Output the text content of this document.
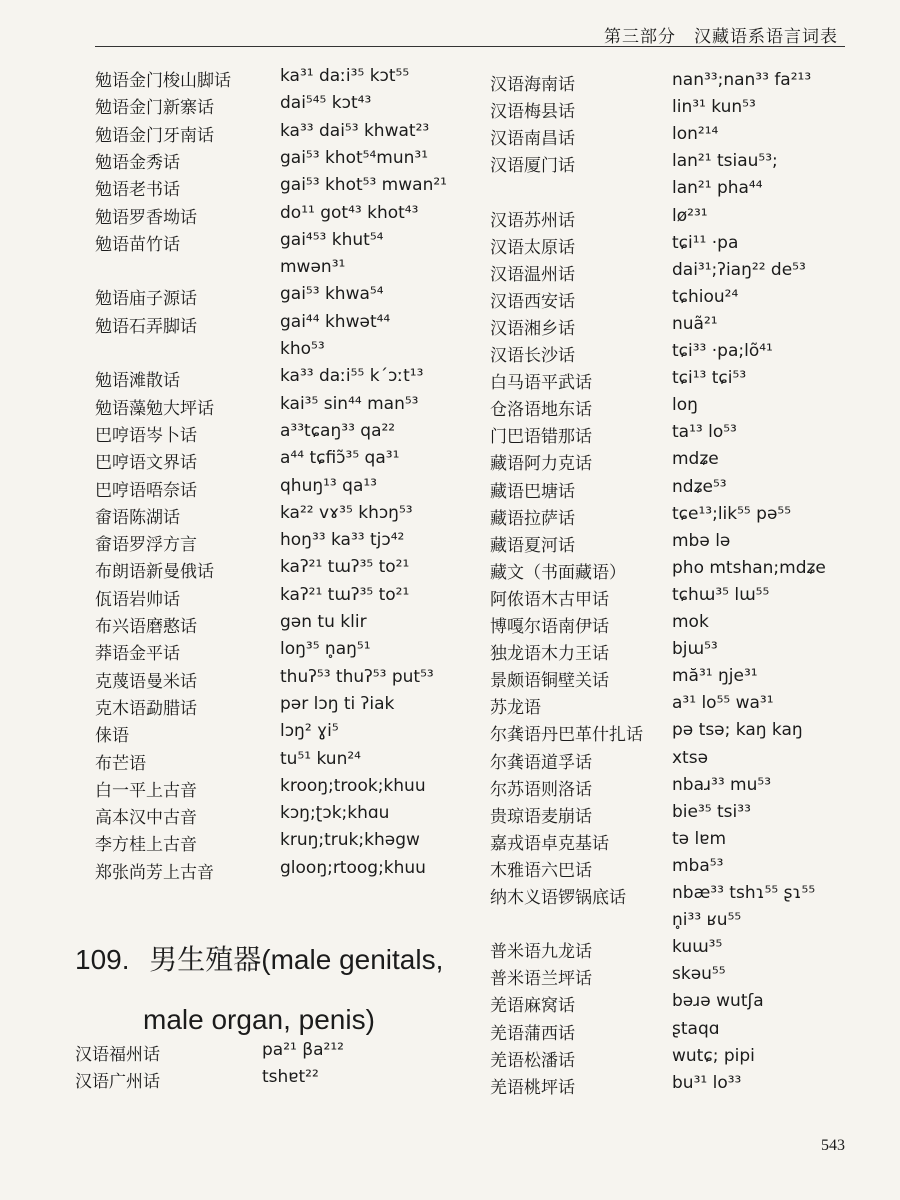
第三部分　汉藏语系语言词表
勉语金门梭山脚话	ka³¹ daːi³⁵ kɔt⁵⁵
勉语金门新寨话	dai⁵⁴⁵ kɔt⁴³
勉语金门牙南话	ka³³ dai⁵³ khwat²³
勉语金秀话	gai⁵³ khot⁵⁴mun³¹
勉语老书话	gai⁵³ khot⁵³ mwan²¹
勉语罗香坳话	do¹¹ got⁴³ khot⁴³
勉语苗竹话	gai⁴⁵³ khut⁵⁴
mwən³¹
勉语庙子源话	gai⁵³ khwa⁵⁴
勉语石弄脚话	gai⁴⁴ khwət⁴⁴
kho⁵³
勉语滩散话	ka³³ daːi⁵⁵ kˊɔːt¹³
勉语藻勉大坪话	kai³⁵ sin⁴⁴ man⁵³
巴哼语岑卜话	a³³tɕaŋ³³ qa²²
巴哼语文界话	a⁴⁴ tɕfiɔ̃³⁵ qa³¹
巴哼语唔奈话	qhuŋ¹³ qa¹³
畲语陈湖话	ka²² vɤ³⁵ khɔŋ⁵³
畲语罗浮方言	hoŋ³³ ka³³ tjɔ⁴²
布朗语新曼俄话	kaʔ²¹ tɯʔ³⁵ to²¹
佤语岩帅话	kaʔ²¹ tɯʔ³⁵ to²¹
布兴语磨憨话	gən tu klir
莽语金平话	loŋ³⁵ n̥aŋ⁵¹
克蔑语曼米话	thuʔ⁵³ thuʔ⁵³ put⁵³
克木语勐腊话	pər lɔŋ ti ʔiak
俫语	lɔŋ² ɣi⁵
布芒语	tu⁵¹ kun²⁴
白一平上古音	krooŋ;trook;khuu
高本汉中古音	kɔŋ;ʈɔk;khɑu
李方桂上古音	kruŋ;truk;khəgw
郑张尚芳上古音	glooŋ;rtoog;khuu
109. 男生殖器(male genitals,
male organ, penis)
汉语福州话	pa²¹ βa²¹²
汉语广州话	tshɐt²²
汉语海南话	nan³³;nan³³ fa²¹³
汉语梅县话	lin³¹ kun⁵³
汉语南昌话	lon²¹⁴
汉语厦门话	lan²¹ tsiau⁵³;
lan²¹ pha⁴⁴
汉语苏州话	lø²³¹
汉语太原话	tɕi¹¹ ·pa
汉语温州话	dai³¹;ʔiaŋ²² de⁵³
汉语西安话	tɕhiou²⁴
汉语湘乡话	nuã²¹
汉语长沙话	tɕi³³ ·pa;lõ⁴¹
白马语平武话	tɕi¹³ tɕi⁵³
仓洛语地东话	loŋ
门巴语错那话	ta¹³ lo⁵³
藏语阿力克话	mdʑe
藏语巴塘话	ndʑe⁵³
藏语拉萨话	tɕe¹³;lik⁵⁵ pə⁵⁵
藏语夏河话	mbə lə
藏文（书面藏语）	pho mtshan;mdʑe
阿侬语木古甲话	tɕhɯ³⁵ lɯ⁵⁵
博嘎尔语南伊话	mok
独龙语木力王话	bjɯ⁵³
景颇语铜壁关话	mă³¹ ŋje³¹
苏龙语	a³¹ lo⁵⁵ wa³¹
尔龚语丹巴革什扎话 pə tsə; kaŋ kaŋ
尔龚语道孚话	xtsə
尔苏语则洛话	nbaɹ³³ mu⁵³
贵琼语麦崩话	bie³⁵ tsi³³
嘉戎语卓克基话	tə lɐm
木雅语六巴话	mba⁵³
纳木义语锣锅底话	nbæ³³ tshɿ⁵⁵ ʂɿ⁵⁵
n̥i³³ ʁu⁵⁵
普米语九龙话	kuɯ³⁵
普米语兰坪话	skəu⁵⁵
羌语麻窝话	bəɹə wutʃa
羌语蒲西话	ʂtaqɑ
羌语松潘话	wutɕ; pipi
羌语桃坪话	bu³¹ lo³³
543
